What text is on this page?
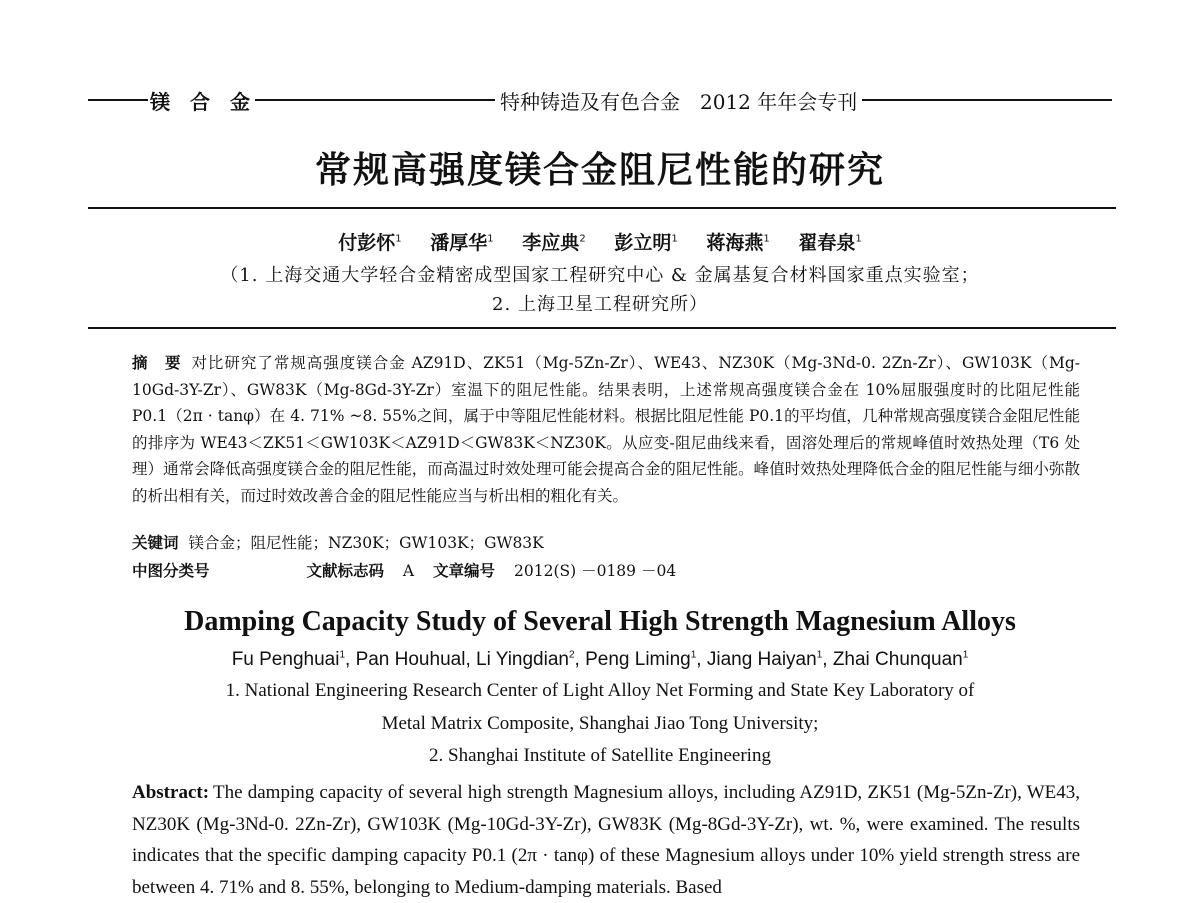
镁合金	特种铸造及有色合金　2012 年年会专刊
常规高强度镁合金阻尼性能的研究
付彭怀$^1$ 潘厚华$^1$ 李应典$^2$ 彭立明$^1$ 蒋海燕$^1$ 翟春泉$^1$
（1. 上海交通大学轻合金精密成型国家工程研究中心 & 金属基复合材料国家重点实验室；
2. 上海卫星工程研究所）
摘　要 对比研究了常规高强度镁合金 AZ91D、ZK51（Mg-5Zn-Zr）、WE43、NZ30K（Mg-3Nd-0. 2Zn-Zr）、GW103K（Mg-10Gd-3Y-Zr）、GW83K（Mg-8Gd-3Y-Zr）室温下的阻尼性能。结果表明，上述常规高强度镁合金在 10%屈服强度时的比阻尼性能 P0.1（2π · tanφ）在 4. 71% ~8. 55%之间，属于中等阻尼性能材料。根据比阻尼性能 P0.1的平均值，几种常规高强度镁合金阻尼性能的排序为 WE43＜ZK51＜GW103K＜AZ91D＜GW83K＜NZ30K。从应变-阻尼曲线来看，固溶处理后的常规峰值时效热处理（T6 处理）通常会降低高强度镁合金的阻尼性能，而高温过时效处理可能会提高合金的阻尼性能。峰值时效热处理降低合金的阻尼性能与细小弥散的析出相有关，而过时效改善合金的阻尼性能应当与析出相的粗化有关。
关键词 镁合金；阻尼性能；NZ30K；GW103K；GW83K
中图分类号	文献标志码 A 文章编号 2012(S) －0189 －04
Damping Capacity Study of Several High Strength Magnesium Alloys
Fu Penghuai$^1$, Pan Houhual, Li Yingdian$^2$, Peng Liming$^1$, Jiang Haiyan$^1$, Zhai Chunquan$^1$
1. National Engineering Research Center of Light Alloy Net Forming and State Key Laboratory of
Metal Matrix Composite, Shanghai Jiao Tong University;
2. Shanghai Institute of Satellite Engineering
Abstract: The damping capacity of several high strength Magnesium alloys, including AZ91D, ZK51 (Mg-5Zn-Zr), WE43, NZ30K (Mg-3Nd-0. 2Zn-Zr), GW103K (Mg-10Gd-3Y-Zr), GW83K (Mg-8Gd-3Y-Zr), wt. %, were examined. The results indicates that the specific damping capacity P0.1 (2π · tanφ) of these Magnesium alloys under 10% yield strength stress are between 4. 71% and 8. 55%, belonging to Medium-damping materials. Based
